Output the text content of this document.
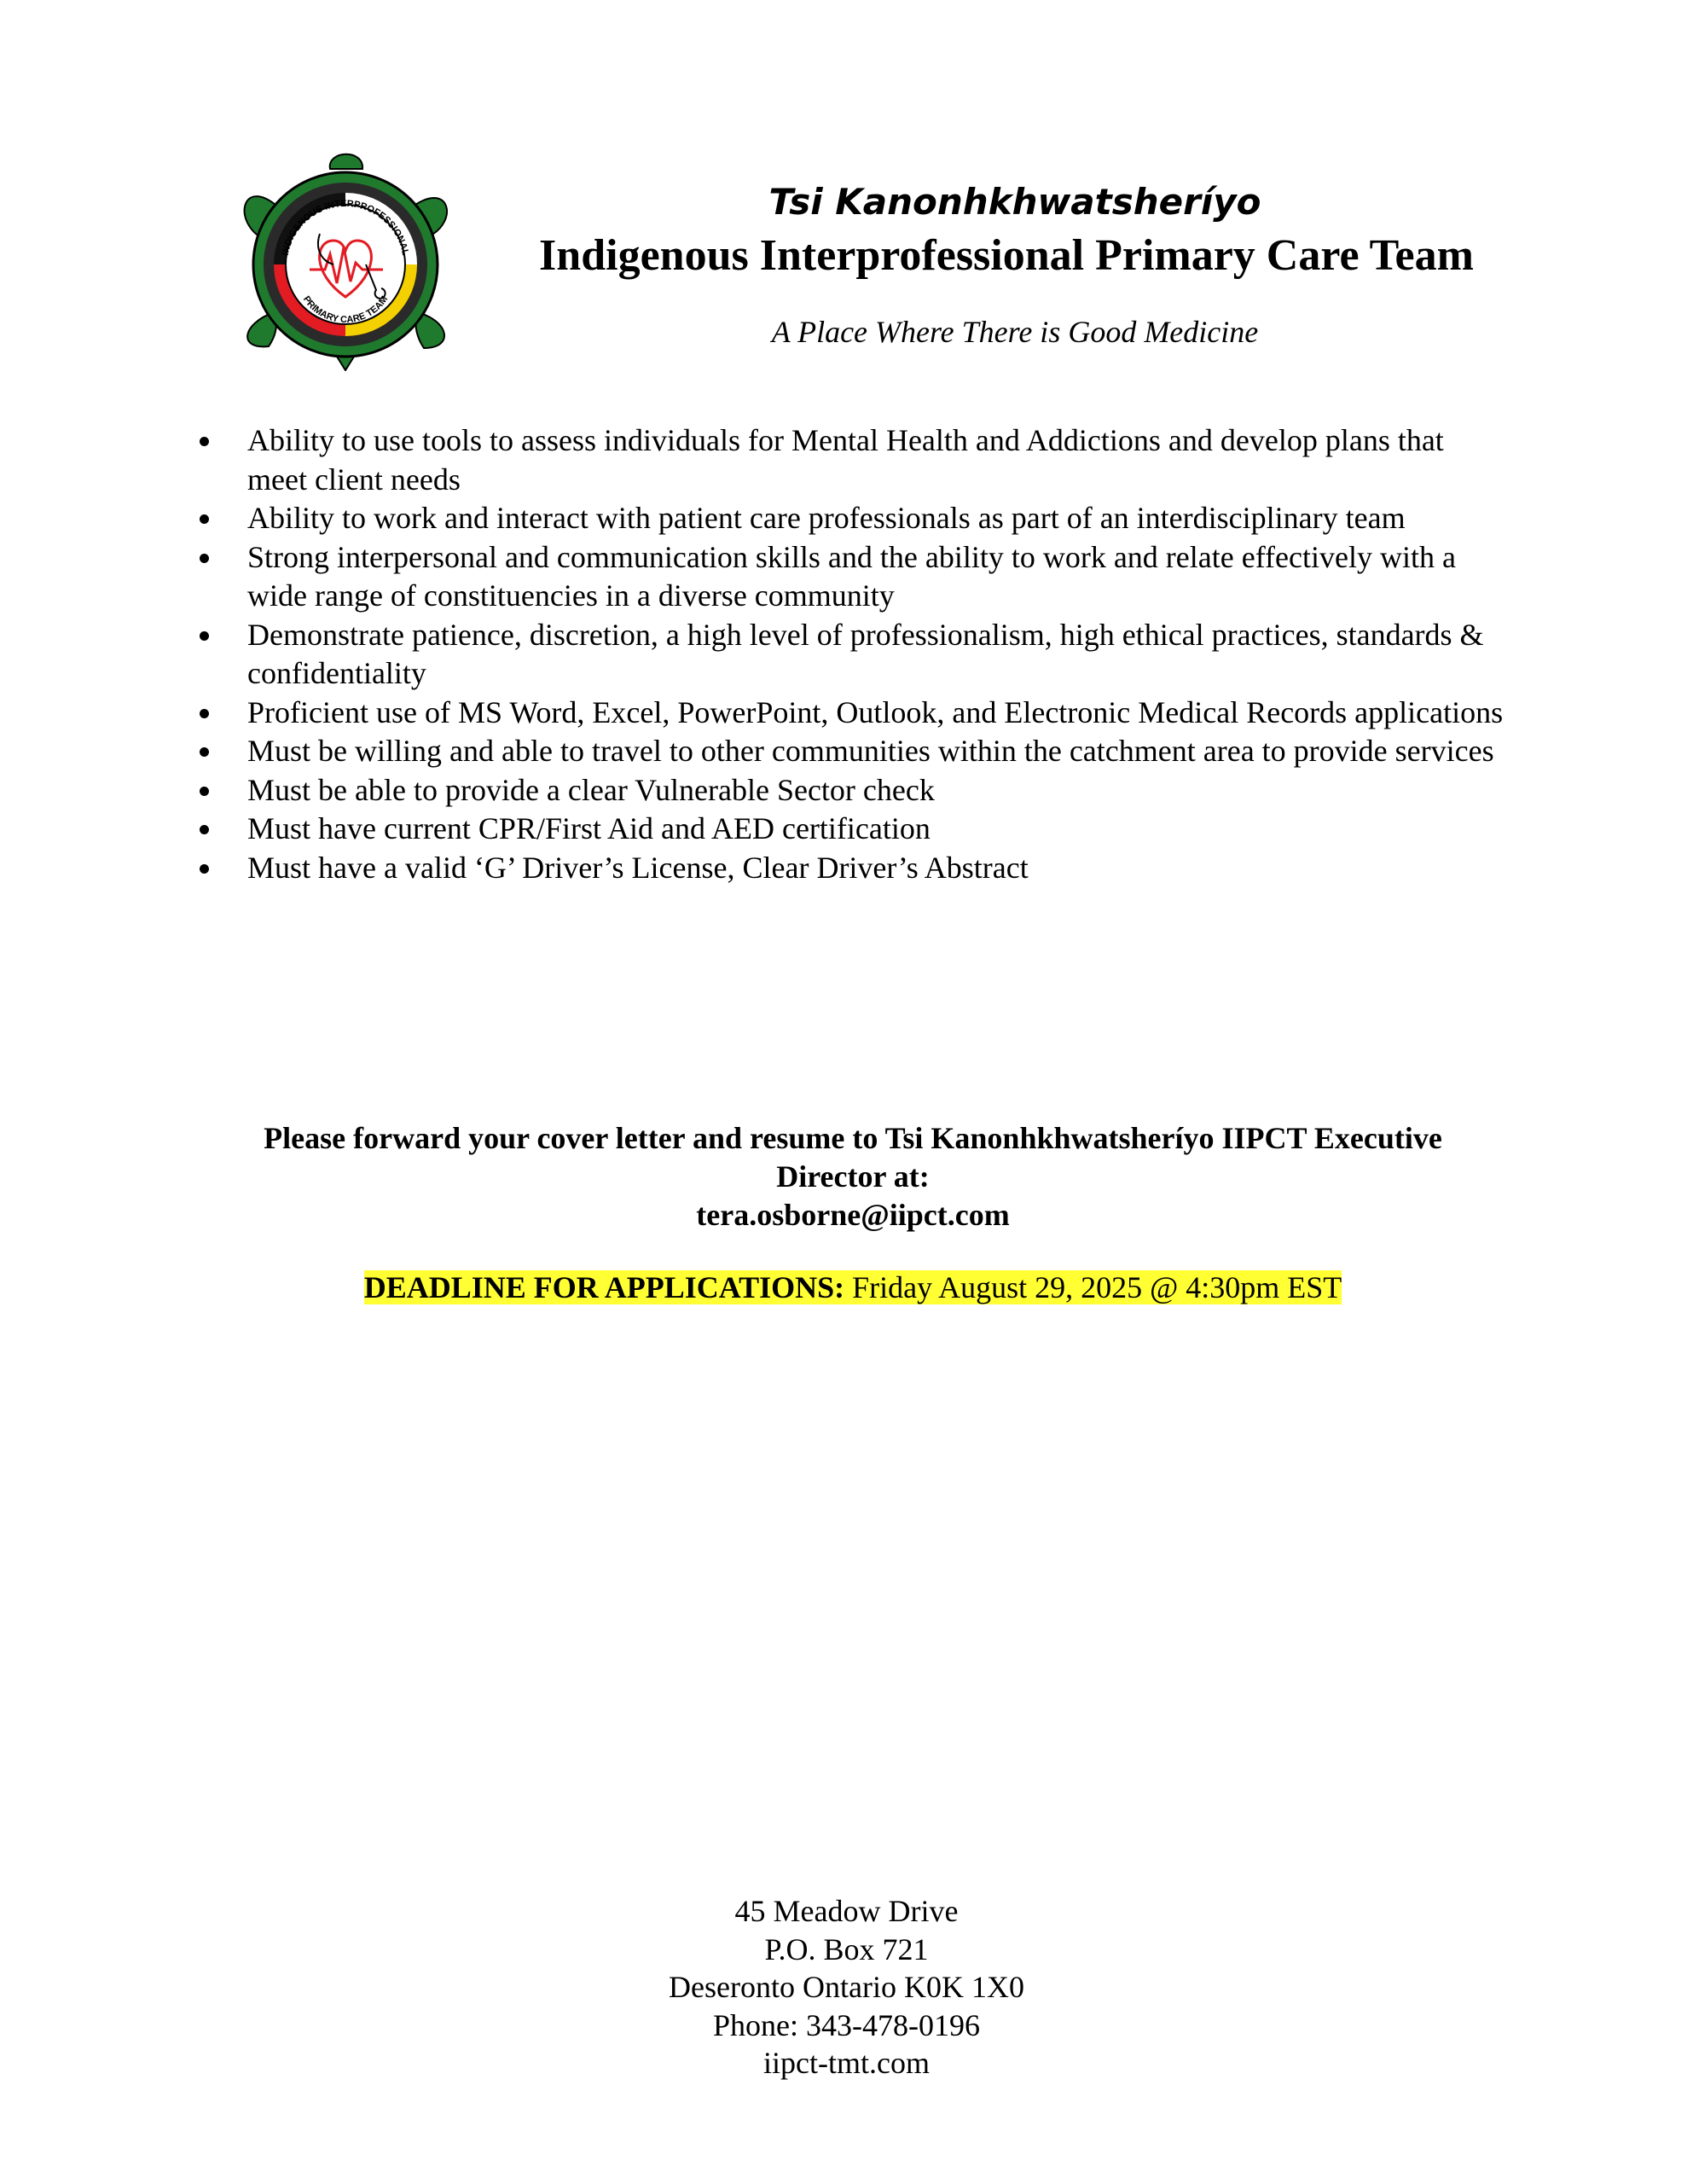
INDIGENOUS INTERPROFESSIONAL
PRIMARY CARE TEAM
Tsi Kanonhkhwatsheríyo
Indigenous Interprofessional Primary Care Team
A Place Where There is Good Medicine
Ability to use tools to assess individuals for Mental Health and Addictions and develop plans that meet client needs
Ability to work and interact with patient care professionals as part of an interdisciplinary team
Strong interpersonal and communication skills and the ability to work and relate effectively with a wide range of constituencies in a diverse community
Demonstrate patience, discretion, a high level of professionalism, high ethical practices, standards & confidentiality
Proficient use of MS Word, Excel, PowerPoint, Outlook, and Electronic Medical Records applications
Must be willing and able to travel to other communities within the catchment area to provide services
Must be able to provide a clear Vulnerable Sector check
Must have current CPR/First Aid and AED certification
Must have a valid ‘G’ Driver’s License, Clear Driver’s Abstract
Please forward your cover letter and resume to Tsi Kanonhkhwatsheríyo IIPCT Executive
Director at:
tera.osborne@iipct.com
DEADLINE FOR APPLICATIONS: Friday August 29, 2025 @ 4:30pm EST
45 Meadow Drive
P.O. Box 721
Deseronto Ontario K0K 1X0
Phone: 343-478-0196
iipct-tmt.com
